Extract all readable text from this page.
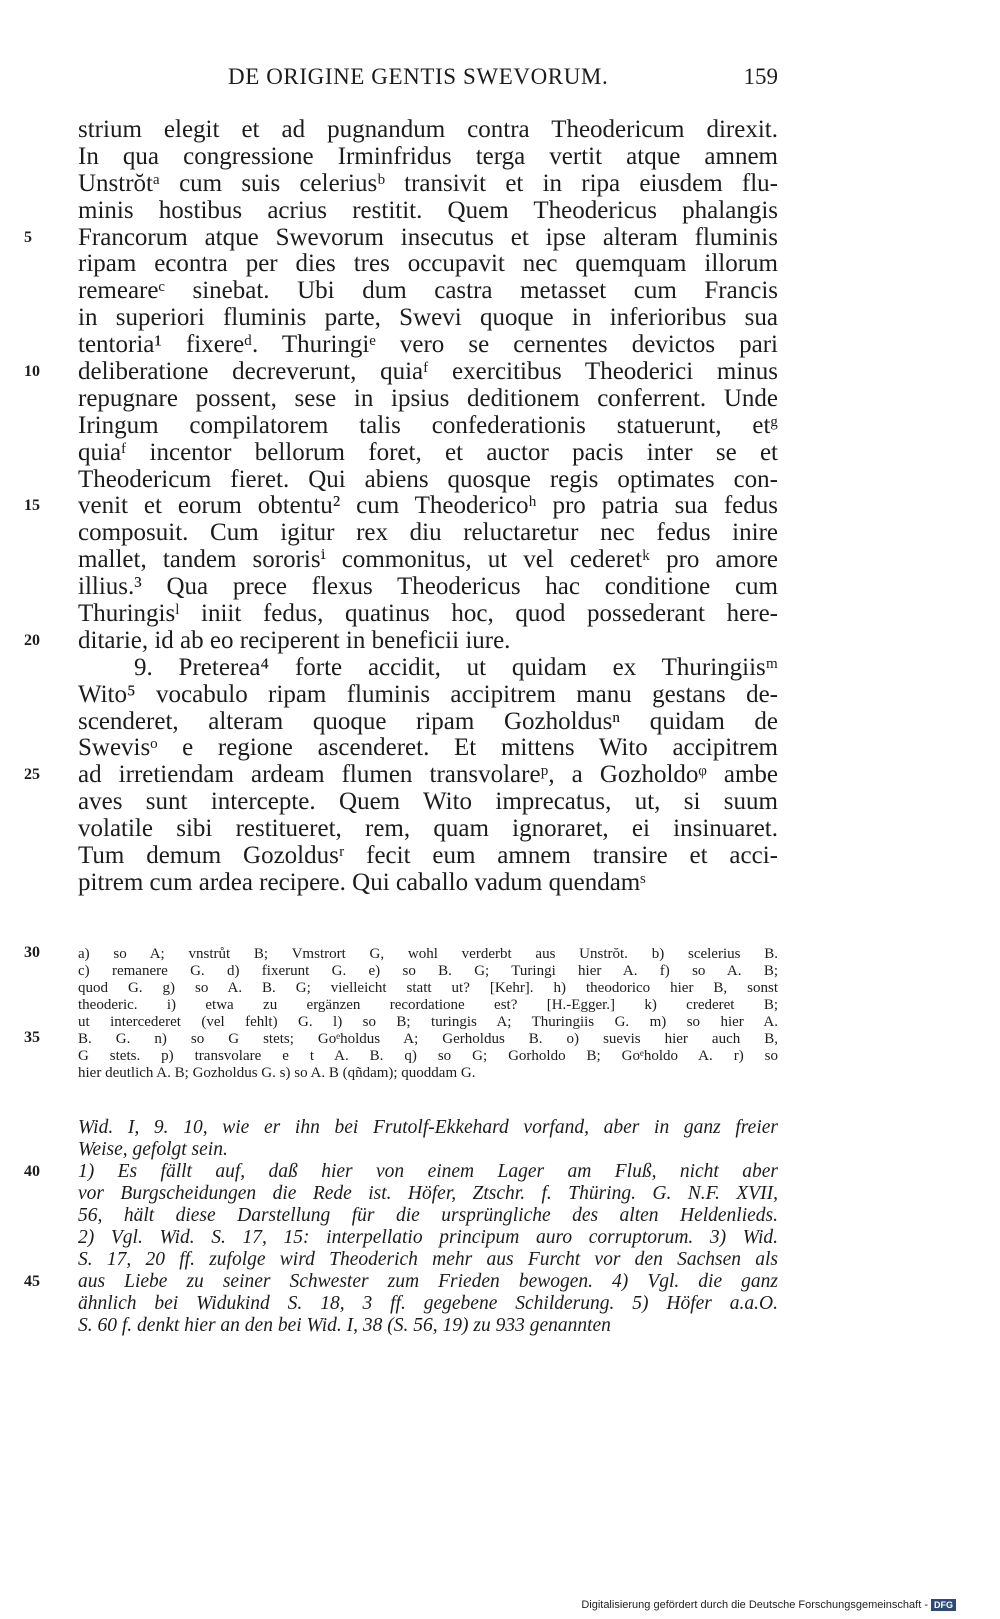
DE ORIGINE GENTIS SWEVORUM.	159
strium elegit et ad pugnandum contra Theodericum direxit.
In qua congressione Irminfridus terga vertit atque amnem
Unstrŏtᵃ cum suis celeriusᵇ transivit et in ripa eiusdem flu-
minis hostibus acrius restitit. Quem Theodericus phalangis
5	Francorum atque Swevorum insecutus et ipse alteram fluminis
ripam econtra per dies tres occupavit nec quemquam illorum
remeareᶜ sinebat. Ubi dum castra metasset cum Francis
in superiori fluminis parte, Swevi quoque in inferioribus sua
tentoria¹ fixereᵈ. Thuringiᵉ vero se cernentes devictos pari
10	deliberatione decreverunt, quiaᶠ exercitibus Theoderici minus
repugnare possent, sese in ipsius deditionem conferrent. Unde
Iringum compilatorem talis confederationis statuerunt, etᵍ
quiaᶠ incentor bellorum foret, et auctor pacis inter se et
Theodericum fieret. Qui abiens quosque regis optimates con-
15	venit et eorum obtentu² cum Theodericoʰ pro patria sua fedus
composuit. Cum igitur rex diu reluctaretur nec fedus inire
mallet, tandem sororisⁱ commonitus, ut vel cederetᵏ pro amore
illius.³ Qua prece flexus Theodericus hac conditione cum
Thuringisˡ iniit fedus, quatinus hoc, quod possederant here-
20	ditarie, id ab eo reciperent in beneficii iure.
9. Preterea⁴ forte accidit, ut quidam ex Thuringiisᵐ
Wito⁵ vocabulo ripam fluminis accipitrem manu gestans de-
scenderet, alteram quoque ripam Gozholdusⁿ quidam de
Swevisᵒ e regione ascenderet. Et mittens Wito accipitrem
25	ad irretiendam ardeam flumen transvolareᵖ, a Gozholdoᵠ ambe
aves sunt intercepte. Quem Wito imprecatus, ut, si suum
volatile sibi restitueret, rem, quam ignoraret, ei insinuaret.
Tum demum Gozoldusʳ fecit eum amnem transire et acci-
pitrem cum ardea recipere. Qui caballo vadum quendamˢ
30	a) so A; vnstrůt B; Vmstrort G, wohl verderbt aus Unstrŏt. b) scelerius B.
c) remanere G. d) fixerunt G. e) so B. G; Turingi hier A. f) so A. B;
quod G. g) so A. B. G; vielleicht statt ut? [Kehr]. h) theodorico hier B, sonst
theoderic. i) etwa zu ergänzen recordatione est? [H.-Egger.] k) crederet B;
ut intercederet (vel fehlt) G. l) so B; turingis A; Thuringiis G. m) so hier A.
35	B. G. n) so G stets; Goᵉholdus A; Gerholdus B. o) suevis hier auch B,
G stets. p) transvolare e t A. B. q) so G; Gorholdo B; Goᵉholdo A. r) so
hier deutlich A. B; Gozholdus G. s) so A. B (qñdam); quoddam G.
Wid. I, 9. 10, wie er ihn bei Frutolf-Ekkehard vorfand, aber in ganz freier
Weise, gefolgt sein.
40	1) Es fällt auf, daß hier von einem Lager am Fluß, nicht aber
vor Burgscheidungen die Rede ist. Höfer, Ztschr. f. Thüring. G. N.F. XVII,
56, hält diese Darstellung für die ursprüngliche des alten Heldenlieds.
2) Vgl. Wid. S. 17, 15: interpellatio principum auro corruptorum. 3) Wid.
S. 17, 20 ff. zufolge wird Theoderich mehr aus Furcht vor den Sachsen als
45	aus Liebe zu seiner Schwester zum Frieden bewogen. 4) Vgl. die ganz
ähnlich bei Widukind S. 18, 3 ff. gegebene Schilderung. 5) Höfer a.a.O.
S. 60 f. denkt hier an den bei Wid. I, 38 (S. 56, 19) zu 933 genannten
Digitalisierung gefördert durch die Deutsche Forschungsgemeinschaft - DFG
